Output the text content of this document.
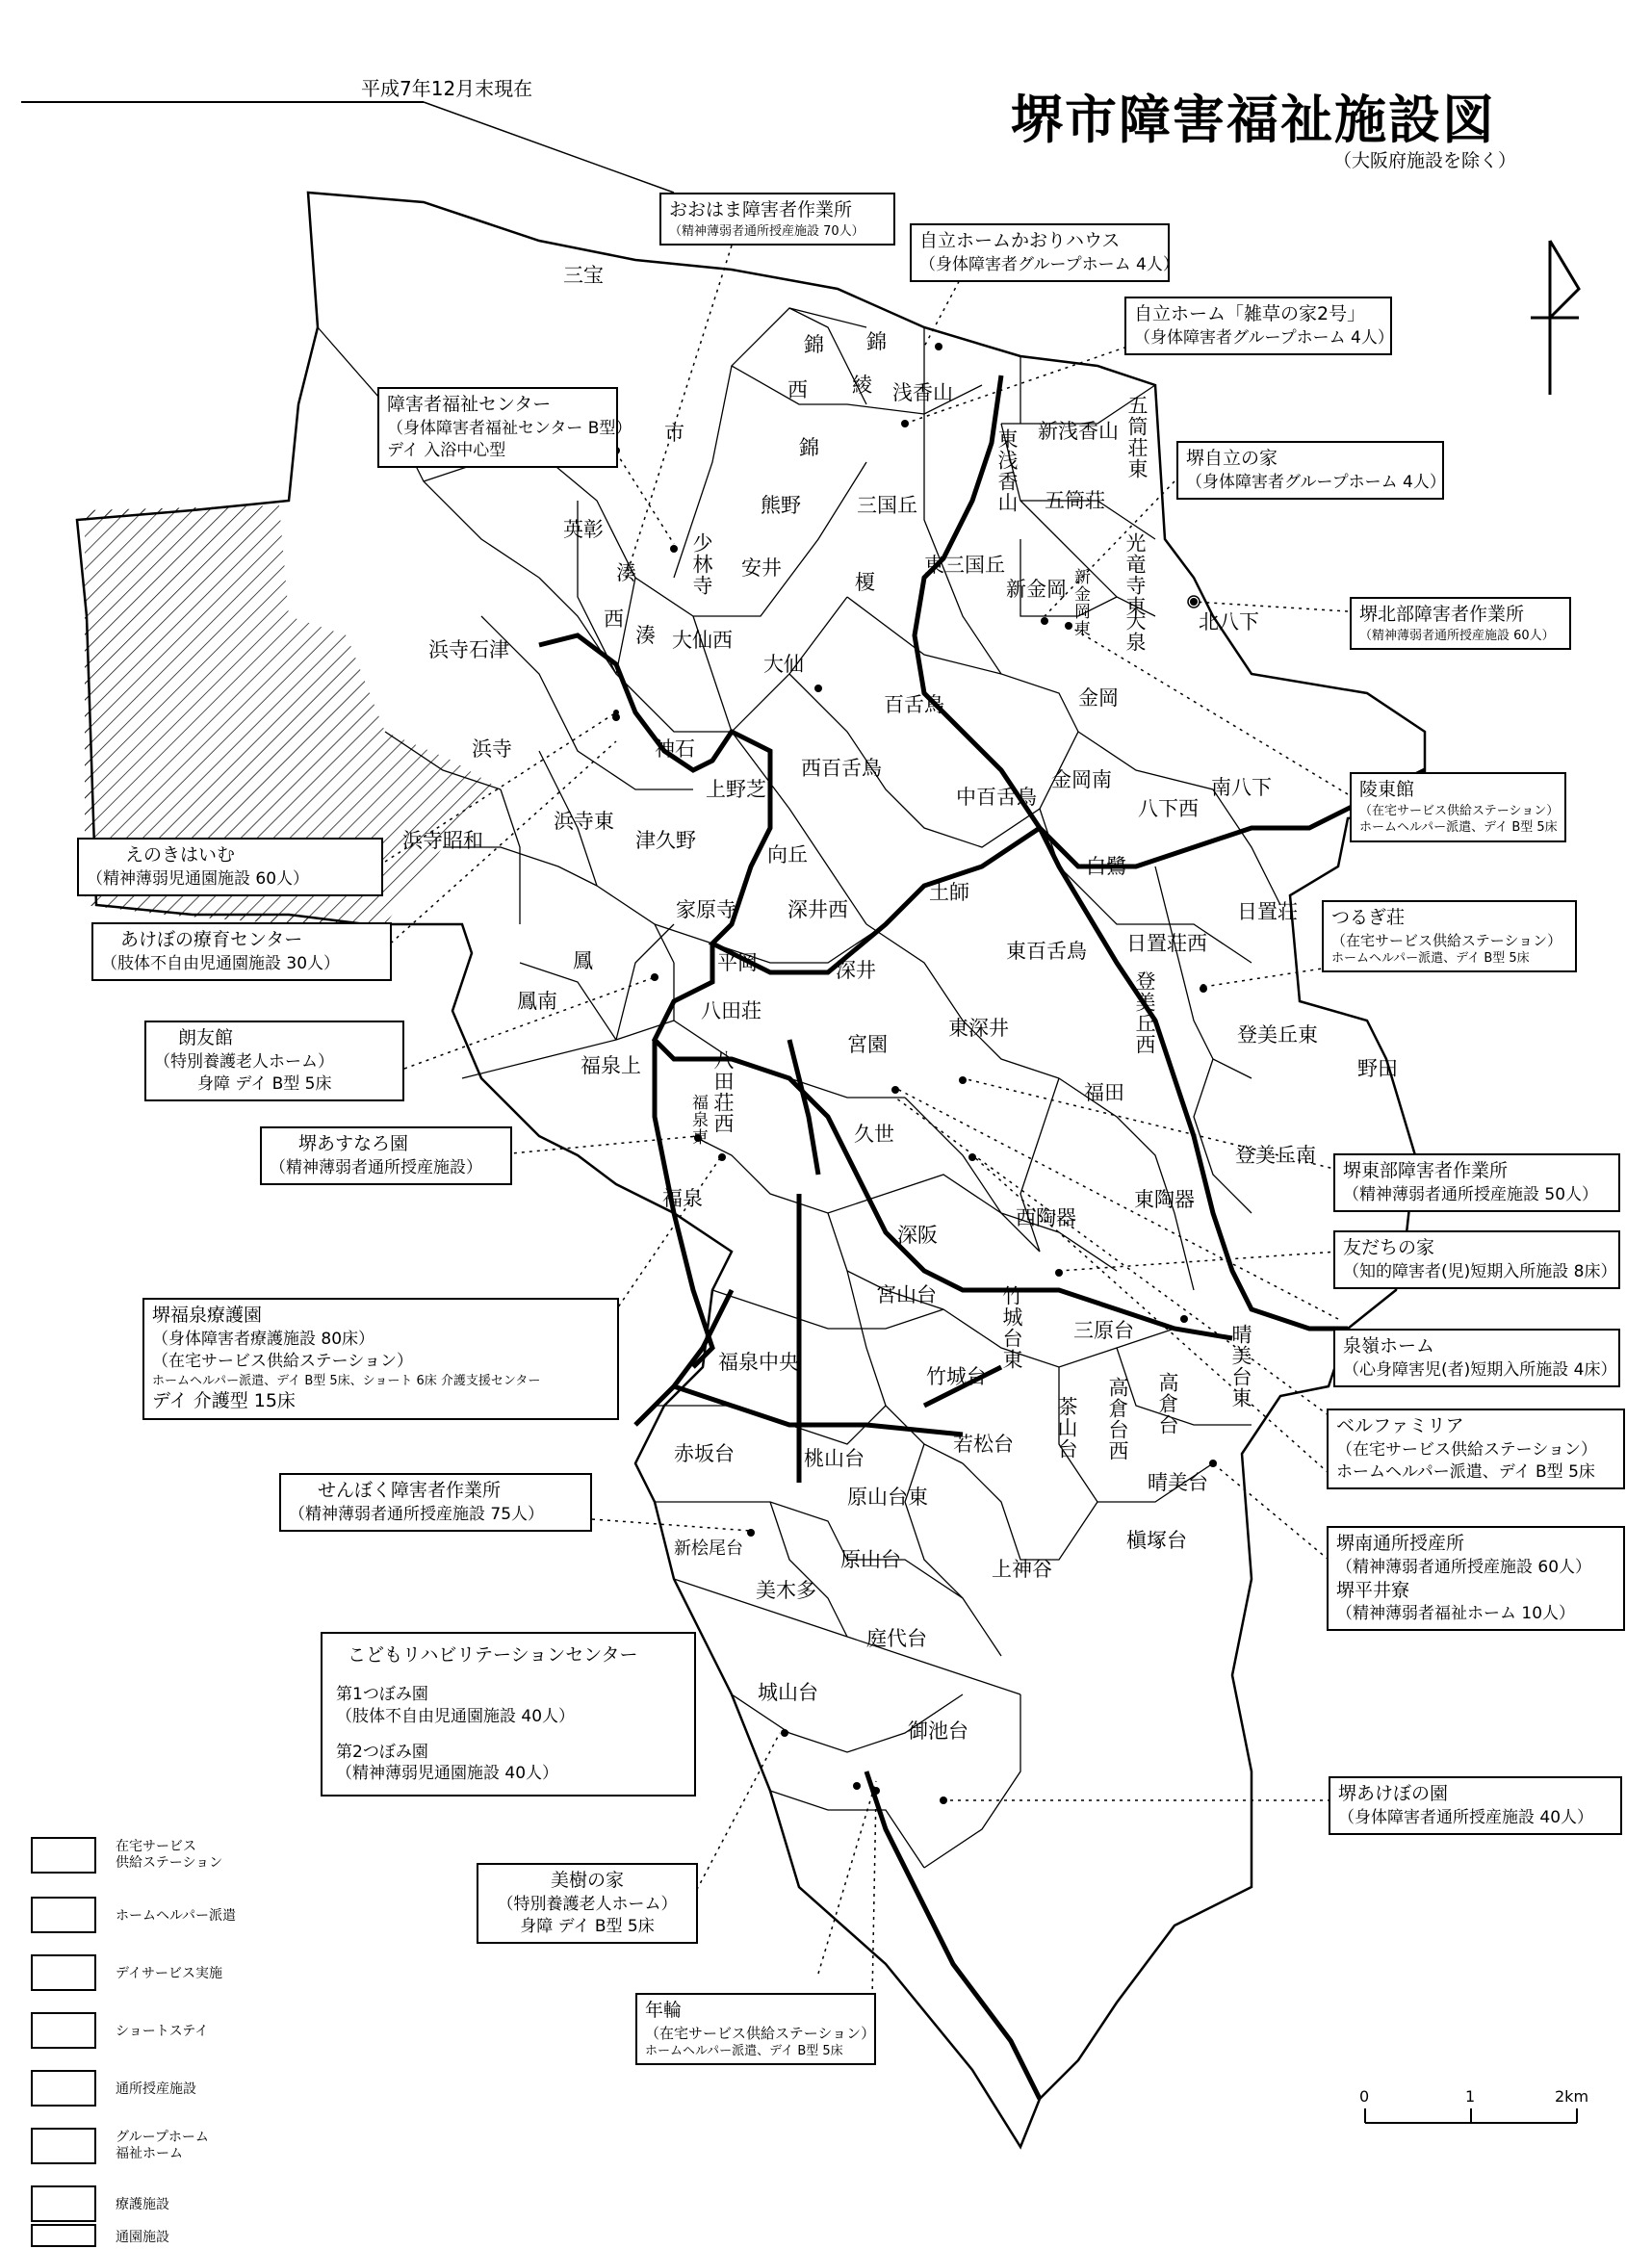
平成7年12月末現在
堺市障害福祉施設図
（大阪府施設を除く）
三宝
市
英彰
湊
西
湊
西
錦 錦
錦
綾 浅香山
東浅香山 新浅香山 五筒荘東
五筒荘
熊野	三国丘
少林寺 安井
榎
東三国丘
新金岡 新金岡東 光竜寺東
大泉	北八下
浜寺石津	大仙西
大仙
百舌鳥	金岡
浜寺	神石
上野芝
西百舌鳥
中百舌鳥
金岡南	南八下
八下西
浜寺東
浜寺昭和	津久野
向丘	白鷺
日置荘
家原寺	深井西
土師
東百舌鳥
鳳
日置荘西
平岡	深井	登美丘西
鳳南	八田荘
宮園
東深井	登美丘東
福泉上	八田荘西	福田
野田
福泉東	久世
登美丘南
福泉	東陶器
西陶器
深阪
宮山台	竹城台東 三原台	晴美台東
福泉中央
竹城台	高倉台
高倉台西
茶山台
赤坂台	桃山台
若松台
晴美台
原山台東
新桧尾台	槇塚台
美木多
原山台	上神谷
庭代台
城山台
御池台
おおはま障害者作業所
（精神薄弱者通所授産施設 70人）	自立ホームかおりハウス
（身体障害者グループホーム 4人）
自立ホーム「雑草の家2号」
（身体障害者グループホーム 4人）
障害者福祉センター
（身体障害者福祉センター B型）
デイ 入浴中心型	堺自立の家
（身体障害者グループホーム 4人）
堺北部障害者作業所
（精神薄弱者通所授産施設 60人）
陵東館
（在宅サービス供給ステーション）
ホームヘルパー派遣、デイ B型 5床
えのきはいむ
（精神薄弱児通園施設 60人）
あけぼの療育センター
（肢体不自由児通園施設 30人）
つるぎ荘
（在宅サービス供給ステーション）
ホームヘルパー派遣、デイ B型 5床
朗友館
（特別養護老人ホーム）
身障 デイ B型 5床
堺あすなろ園
（精神薄弱者通所授産施設）	堺東部障害者作業所
（精神薄弱者通所授産施設 50人）
友だちの家
（知的障害者(児)短期入所施設 8床）
堺福泉療護園
（身体障害者療護施設 80床）
（在宅サービス供給ステーション）
ホームヘルパー派遣、デイ B型 5床、ショート 6床 介護支援センター
デイ 介護型 15床
泉嶺ホーム
（心身障害児(者)短期入所施設 4床）
ベルファミリア
（在宅サービス供給ステーション）
ホームヘルパー派遣、デイ B型 5床
せんぼく障害者作業所
（精神薄弱者通所授産施設 75人）
堺南通所授産所
（精神薄弱者通所授産施設 60人）
堺平井寮
（精神薄弱者福祉ホーム 10人）
こどもリハビリテーションセンター
第1つぼみ園
（肢体不自由児通園施設 40人）
第2つぼみ園
（精神薄弱児通園施設 40人）
堺あけぼの園
（身体障害者通所授産施設 40人）
美樹の家
（特別養護老人ホーム）
身障 デイ B型 5床
年輪
（在宅サービス供給ステーション）
ホームヘルパー派遣、デイ B型 5床
在宅サービス
供給ステーション
ホームヘルパー派遣
デイサービス実施
ショートステイ
通所授産施設
グループホーム
福祉ホーム
療護施設
通園施設
0	1	2km
